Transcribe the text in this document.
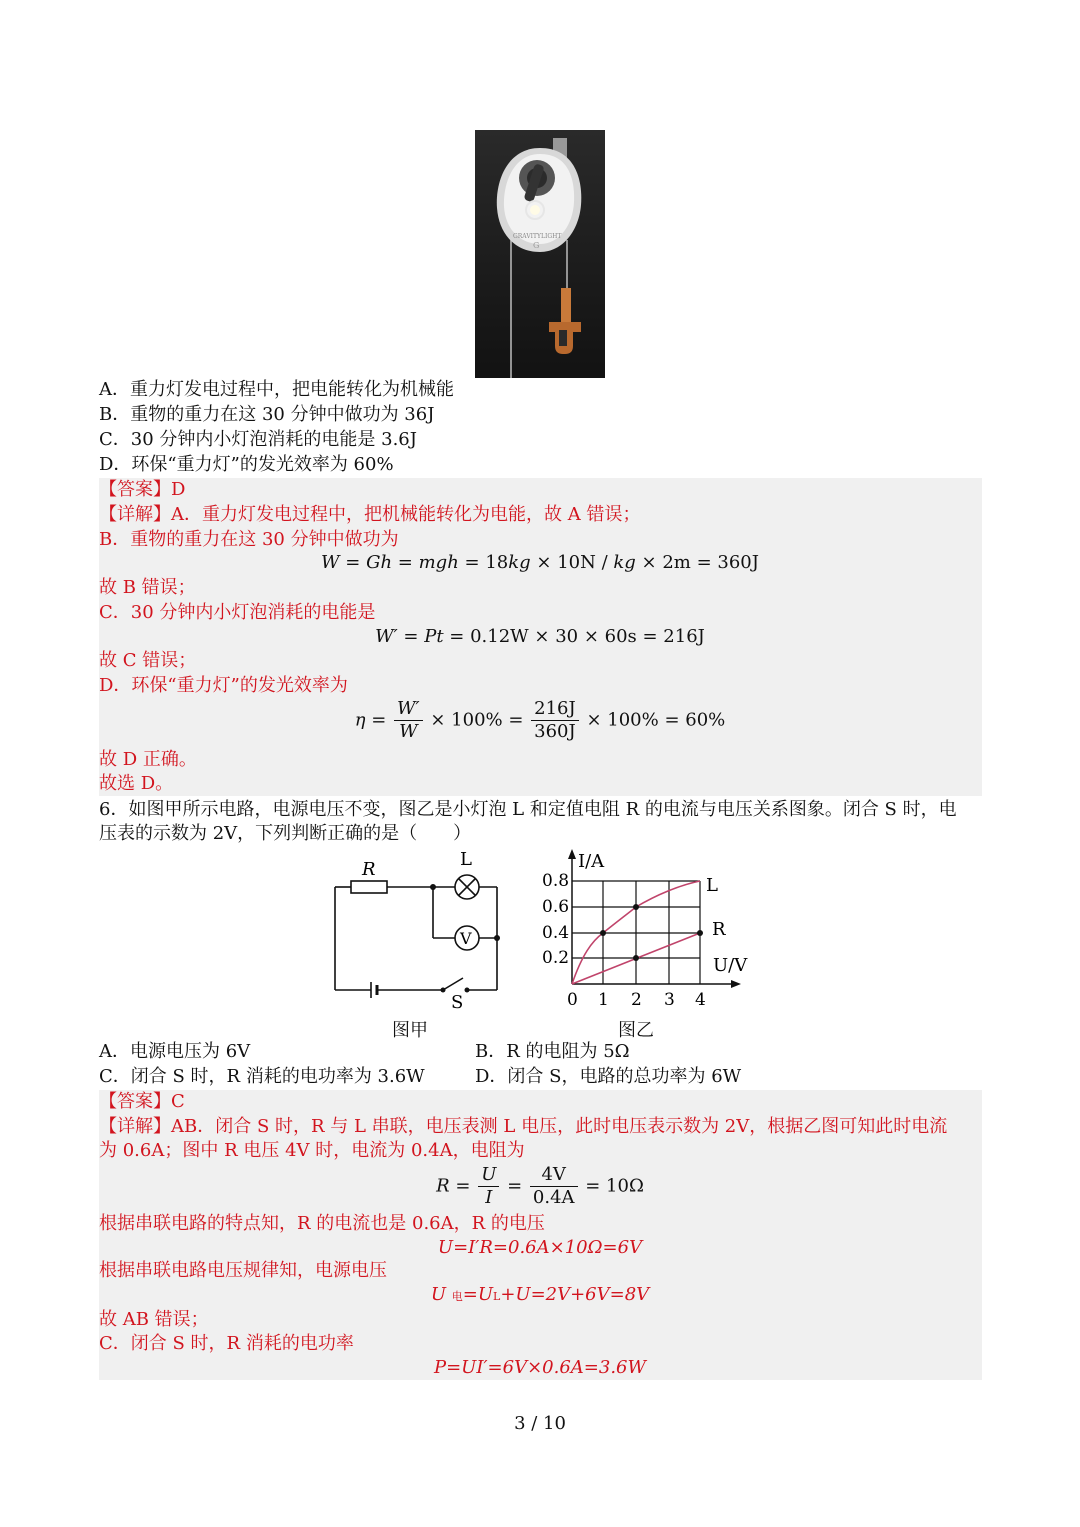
GRAVITYLIGHT
G
A．重力灯发电过程中，把电能转化为机械能
B．重物的重力在这 30 分钟中做功为 36J
C．30 分钟内小灯泡消耗的电能是 3.6J
D．环保“重力灯”的发光效率为 60%
【答案】D
【详解】A．重力灯发电过程中，把机械能转化为电能，故 A 错误；
B．重物的重力在这 30 分钟中做功为
W = Gh = mgh = 18kg × 10N / kg × 2m = 360J
故 B 错误；
C．30 分钟内小灯泡消耗的电能是
W′ = Pt = 0.12W × 30 × 60s = 216J
故 C 错误；
D．环保“重力灯”的发光效率为
$\eta = \frac{W'}{W} \times 100\% = \frac{216J}{360J} \times 100\% = 60\%$
故 D 正确。
故选 D。
6．如图甲所示电路，电源电压不变，图乙是小灯泡 L 和定值电阻 R 的电流与电压关系图象。闭合 S 时，电
压表的示数为 2V，下列判断正确的是（　　）
R	L
V
S
图甲
I/A
U/V
L
R
0.8
0.6
0.4
0.2
0 1 2 3 4
图乙
A．电源电压为 6V	B．R 的电阻为 5Ω
C．闭合 S 时，R 消耗的电功率为 3.6W	D．闭合 S，电路的总功率为 6W
【答案】C
【详解】AB．闭合 S 时，R 与 L 串联，电压表测 L 电压，此时电压表示数为 2V，根据乙图可知此时电流
为 0.6A；图中 R 电压 4V 时，电流为 0.4A，电阻为
$R = \frac{U}{I} = \frac{4V}{0.4A} = 10\Omega$
根据串联电路的特点知，R 的电流也是 0.6A，R 的电压
U=I′R=0.6A×10Ω=6V
根据串联电路电压规律知，电源电压
U 电=UL+U=2V+6V=8V
故 AB 错误；
C．闭合 S 时，R 消耗的电功率
P=UI′=6V×0.6A=3.6W
3 / 10
